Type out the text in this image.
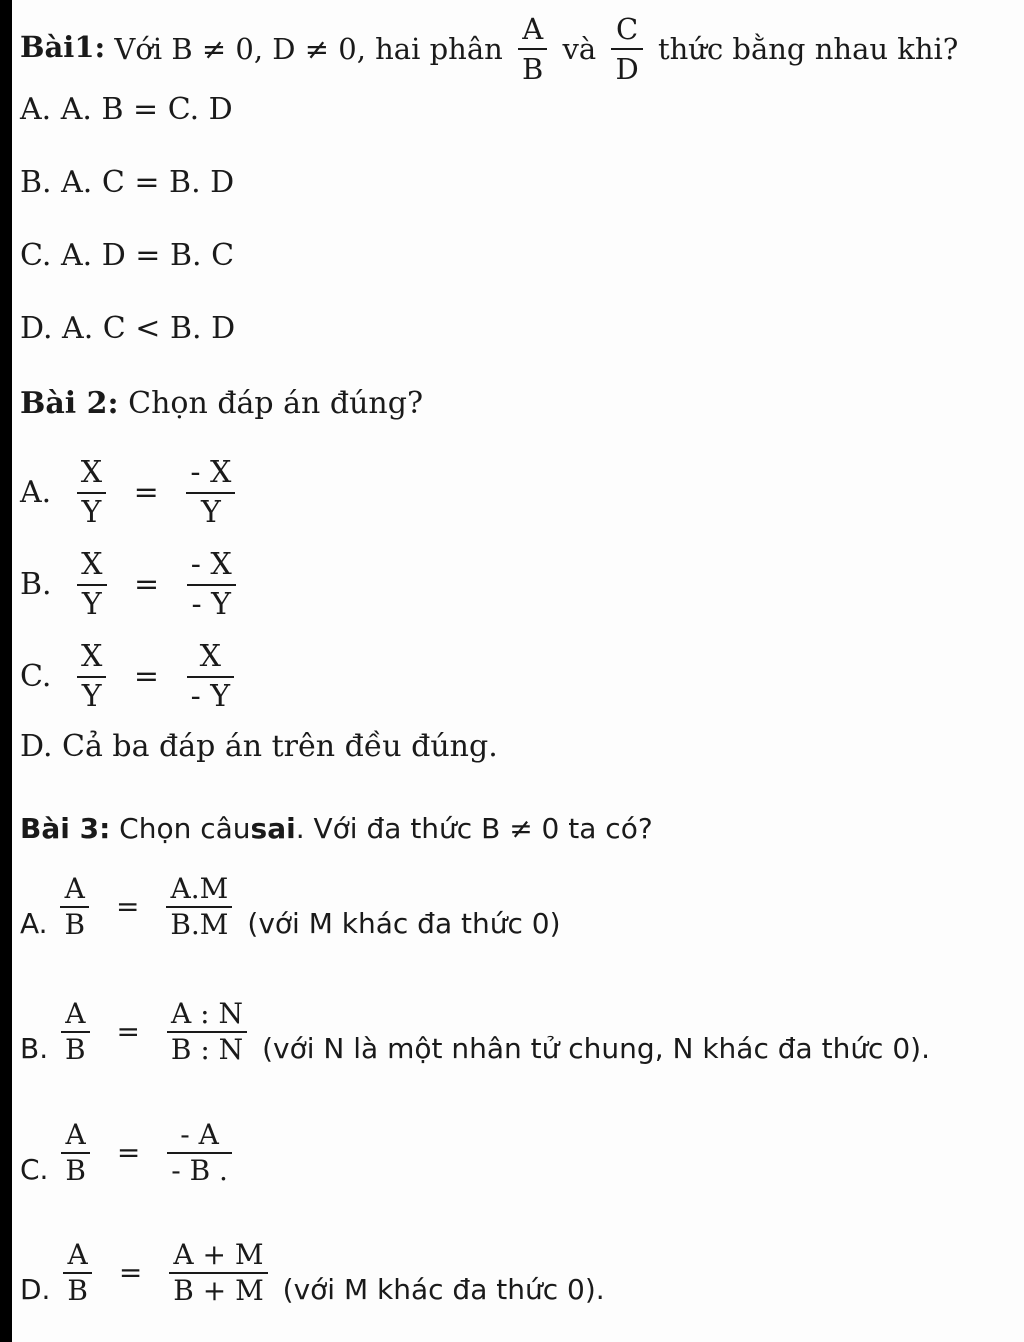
Bài1: Với B ≠ 0, D ≠ 0, hai phân $\frac{A}{B}$ và $\frac{C}{D}$ thức bằng nhau khi?
A. A. B = C. D
B. A. C = B. D
C. A. D = B. C
D. A. C < B. D
Bài 2: Chọn đáp án đúng?
A. $\frac{X}{Y} = \frac{- X}{Y}$
B. $\frac{X}{Y} = \frac{- X}{- Y}$
C. $\frac{X}{Y} = \frac{X}{- Y}$
D. Cả ba đáp án trên đều đúng.
Bài 3: Chọn câusai. Với đa thức B ≠ 0 ta có?
A. $\frac{A}{B} = \frac{A.M}{B.M}$ (với M khác đa thức 0)
B. $\frac{A}{B} = \frac{A : N}{B : N}$ (với N là một nhân tử chung, N khác đa thức 0).
C. $\frac{A}{B} = \frac{- A}{- B .}$
D. $\frac{A}{B} = \frac{A + M}{B + M}$ (với M khác đa thức 0).
